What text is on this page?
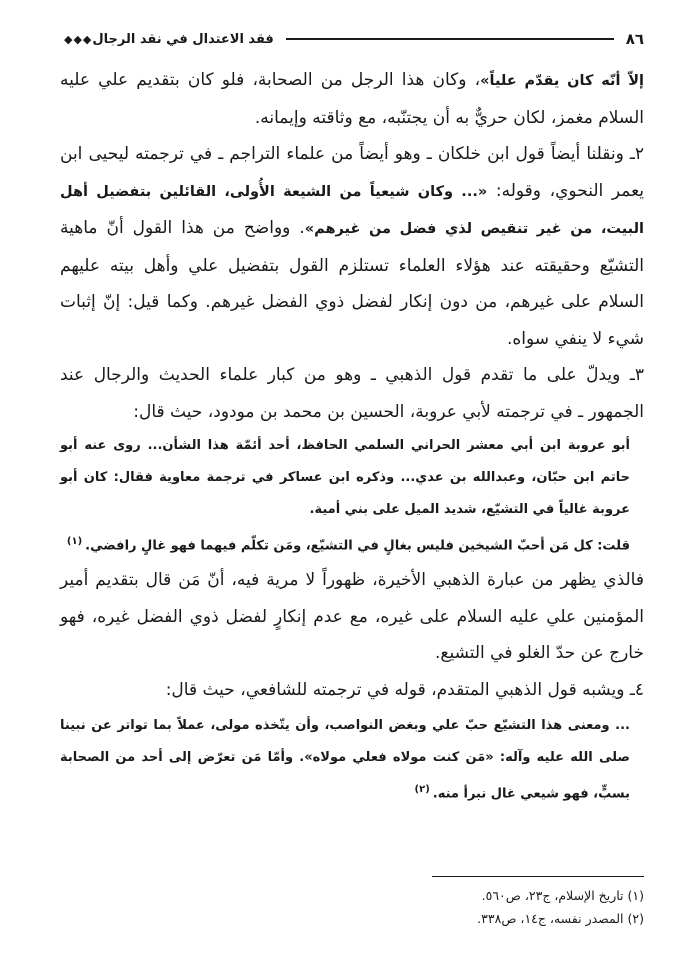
٨٦
فقد الاعتدال في نقد الرجال
◆◆◆

إلاّ أنّه كان يقدّم علياً»، وكان هذا الرجل من الصحابة، فلو كان بتقديم علي عليه السلام مغمز، لكان حريٌّ به أن يجتنّبه، مع وثاقته وإيمانه.

٢ـ ونقلنا أيضاً قول ابن خلكان ـ وهو أيضاً من علماء التراجم ـ في ترجمته ليحيى ابن يعمر النحوي، وقوله: «... وكان شيعياً من الشيعة الأُولى، القائلين بتفضيل أهل البيت، من غير تنقيص لذي فضل من غيرهم». وواضح من هذا القول أنّ ماهية التشيّع وحقيقته عند هؤلاء العلماء تستلزم القول بتفضيل علي وأهل بيته عليهم السلام على غيرهم، من دون إنكار لفضل ذوي الفضل غيرهم. وكما قيل: إنّ إثبات شيء لا ينفي سواه.

٣ـ ويدلّ على ما تقدم قول الذهبي ـ وهو من كبار علماء الحديث والرجال عند الجمهور ـ في ترجمته لأبي عروبة، الحسين بن محمد بن مودود، حيث قال:

أبو عروبة ابن أبي معشر الحراني السلمي الحافظ، أحد أئمّة هذا الشأن... روى عنه أبو حاتم ابن حبّان، وعبدالله بن عدي... وذكره ابن عساكر في ترجمة معاوية فقال: كان أبو عروبة غالياً في التشيّع، شديد الميل على بني أمية.

قلت: كل مَن أحبّ الشيخين فليس بغالٍ في التشيّع، ومَن تكلّم فيهما فهو غالٍ رافضي.$^{(١)}$

فالذي يظهر من عبارة الذهبي الأخيرة، ظهوراً لا مرية فيه، أنّ مَن قال بتقديم أمير المؤمنين علي عليه السلام على غيره، مع عدم إنكارٍ لفضل ذوي الفضل غيره، فهو خارج عن حدّ الغلو في التشيع.

٤ـ ويشبه قول الذهبي المتقدم، قوله في ترجمته للشافعي، حيث قال:

... ومعنى هذا التشيّع حبّ علي وبغض النواصب، وأن يتّخذه مولى، عملاً بما تواتر عن نبينا صلى الله عليه وآله: «مَن كنت مولاه فعلي مولاه». وأمّا مَن تعرّض إلى أحد من الصحابة بسبٍّ، فهو شيعي غال نبرأ منه.$^{(٢)}$

(١) تاريخ الإسلام، ج٢٣، ص٥٦٠.

(٢) المصدر نفسه، ج١٤، ص٣٣٨.
